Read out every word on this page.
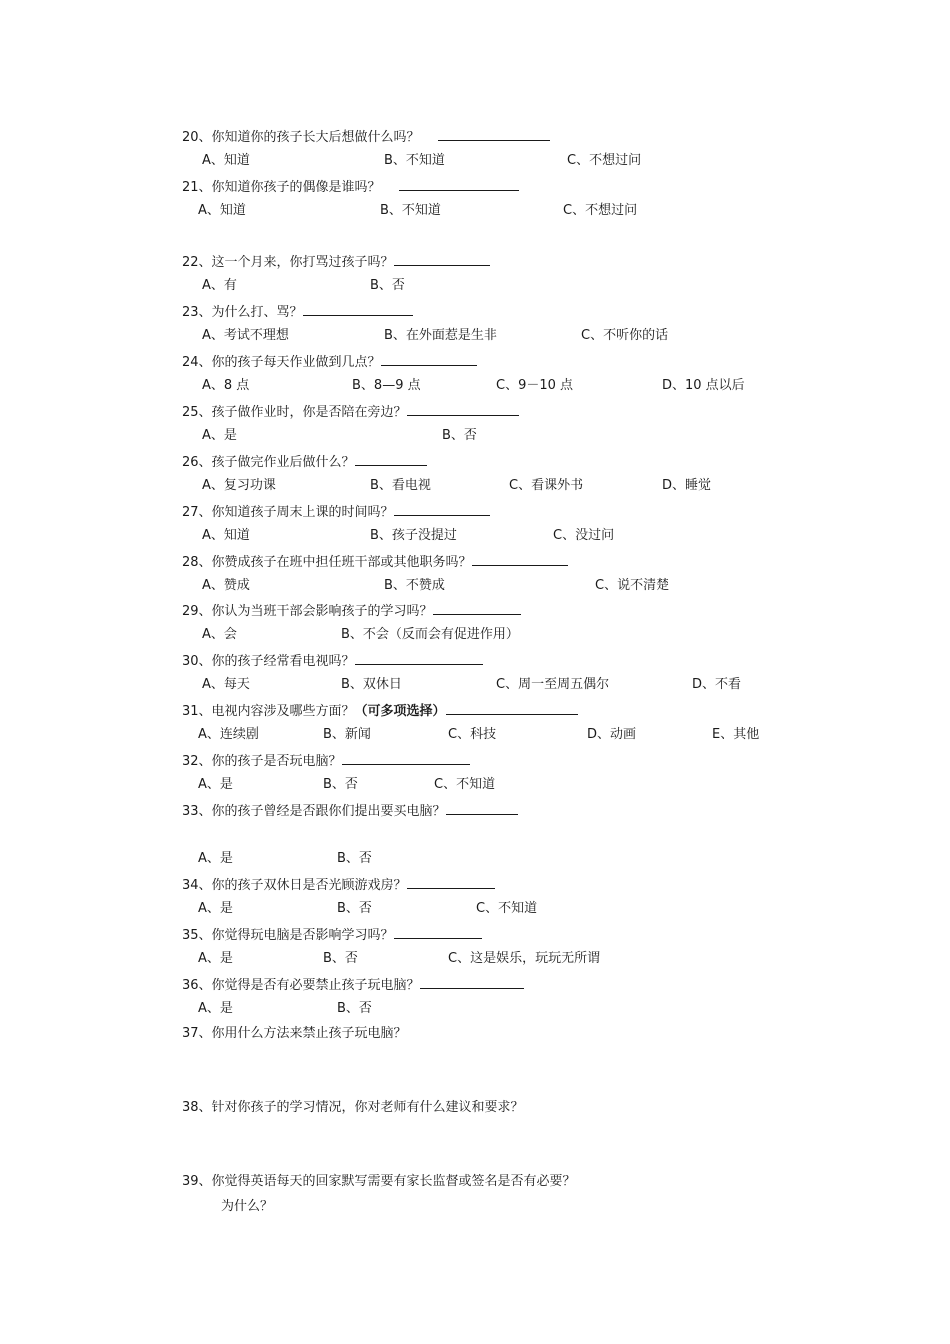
20、你知道你的孩子长大后想做什么吗？
A、知道	B、不知道	C、不想过问
21、你知道你孩子的偶像是谁吗？
A、知道	B、不知道	C、不想过问
22、这一个月来，你打骂过孩子吗？
A、有	B、否
23、为什么打、骂？
A、考试不理想	B、在外面惹是生非	C、不听你的话
24、你的孩子每天作业做到几点？
A、8 点	B、8—9 点	C、9－10 点	D、10 点以后
25、孩子做作业时，你是否陪在旁边？
A、是	B、否
26、孩子做完作业后做什么？
A、复习功课	B、看电视	C、看课外书	D、睡觉
27、你知道孩子周末上课的时间吗？
A、知道	B、孩子没提过	C、没过问
28、你赞成孩子在班中担任班干部或其他职务吗？
A、赞成	B、不赞成	C、说不清楚
29、你认为当班干部会影响孩子的学习吗？
A、会	B、不会（反而会有促进作用）
30、你的孩子经常看电视吗？
A、每天	B、双休日	C、周一至周五偶尔	D、不看
31、电视内容涉及哪些方面？（可多项选择）
A、连续剧	B、新闻	C、科技	D、动画	E、其他
32、你的孩子是否玩电脑？
A、是	B、否	C、不知道
33、你的孩子曾经是否跟你们提出要买电脑？
A、是	B、否
34、你的孩子双休日是否光顾游戏房？
A、是	B、否	C、不知道
35、你觉得玩电脑是否影响学习吗？
A、是	B、否	C、这是娱乐，玩玩无所谓
36、你觉得是否有必要禁止孩子玩电脑？
A、是	B、否
37、你用什么方法来禁止孩子玩电脑？
38、针对你孩子的学习情况，你对老师有什么建议和要求？
39、你觉得英语每天的回家默写需要有家长监督或签名是否有必要？
为什么？
